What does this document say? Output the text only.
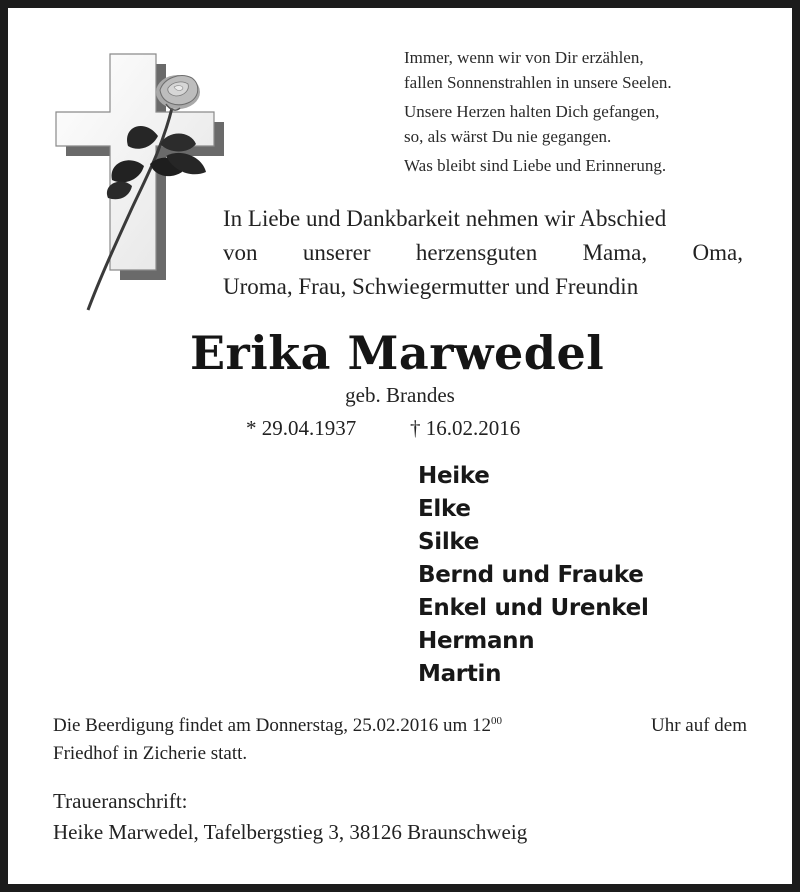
Immer, wenn wir von Dir erzählen,
fallen Sonnenstrahlen in unsere Seelen.
Unsere Herzen halten Dich gefangen,
so, als wärst Du nie gegangen.
Was bleibt sind Liebe und Erinnerung.
In Liebe und Dankbarkeit nehmen wir Abschied
von unserer herzensguten Mama, Oma,
Uroma, Frau, Schwiegermutter und Freundin
Erika Marwedel
geb. Brandes
* 29.04.1937	† 16.02.2016
Heike
Elke
Silke
Bernd und Frauke
Enkel und Urenkel
Hermann
Martin
Die Beerdigung findet am Donnerstag, 25.02.2016 um $12^{00}$	Uhr auf dem
Friedhof in Zicherie statt.
Traueranschrift:
Heike Marwedel, Tafelbergstieg 3, 38126 Braunschweig
